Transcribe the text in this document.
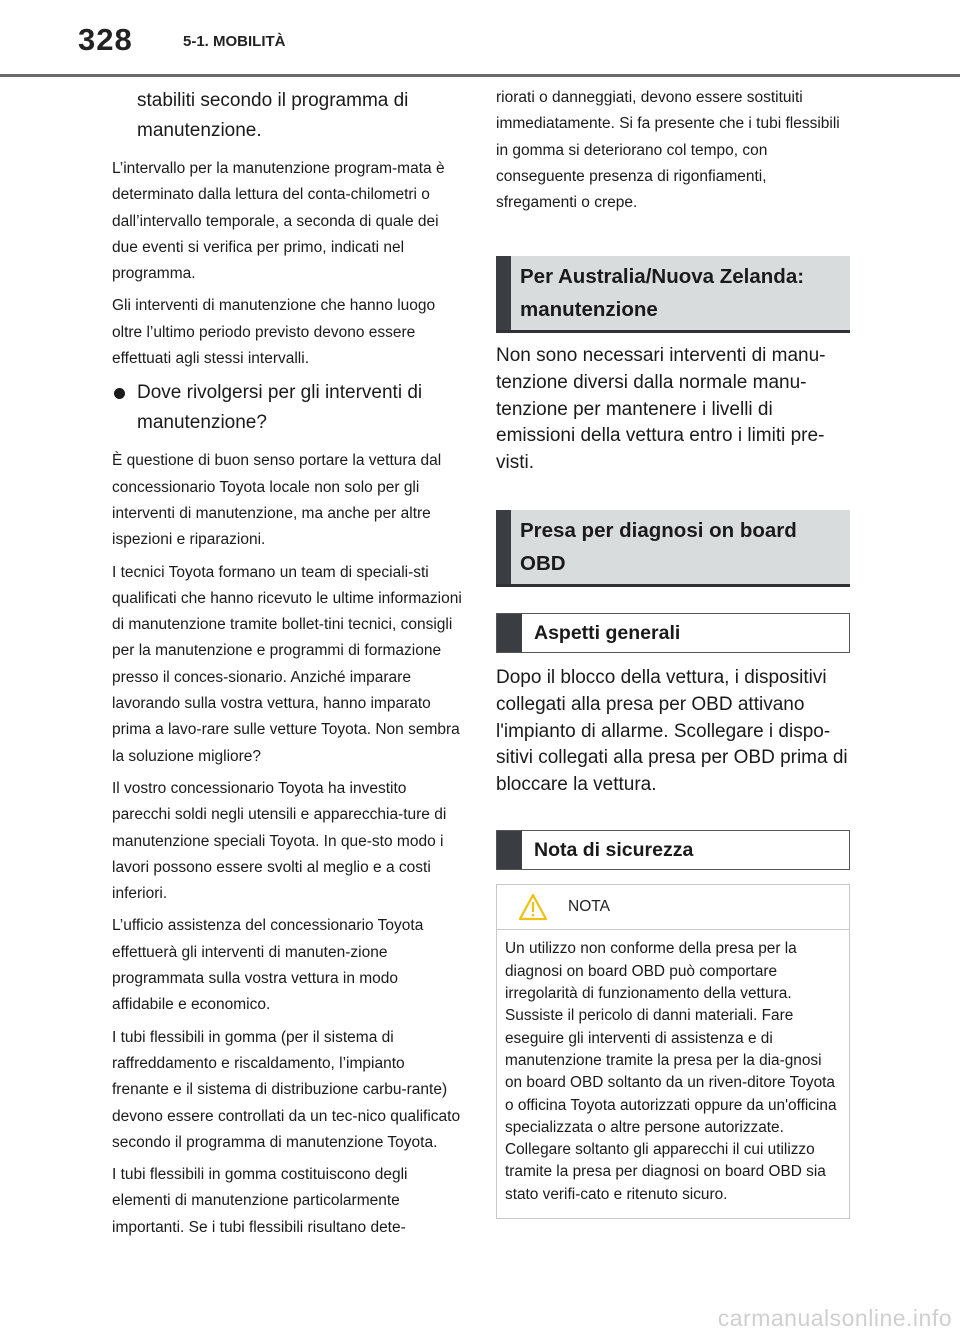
328	5-1. MOBILITÀ

stabiliti secondo il programma di manutenzione.

L’intervallo per la manutenzione program-mata è determinato dalla lettura del conta-chilometri o dall’intervallo temporale, a seconda di quale dei due eventi si verifica per primo, indicati nel programma.

Gli interventi di manutenzione che hanno luogo oltre l’ultimo periodo previsto devono essere effettuati agli stessi intervalli.

Dove rivolgersi per gli interventi di manutenzione?

È questione di buon senso portare la vettura dal concessionario Toyota locale non solo per gli interventi di manutenzione, ma anche per altre ispezioni e riparazioni.

I tecnici Toyota formano un team di speciali-sti qualificati che hanno ricevuto le ultime informazioni di manutenzione tramite bollet-tini tecnici, consigli per la manutenzione e programmi di formazione presso il conces-sionario. Anziché imparare lavorando sulla vostra vettura, hanno imparato prima a lavo-rare sulle vetture Toyota. Non sembra la soluzione migliore?

Il vostro concessionario Toyota ha investito parecchi soldi negli utensili e apparecchia-ture di manutenzione speciali Toyota. In que-sto modo i lavori possono essere svolti al meglio e a costi inferiori.

L’ufficio assistenza del concessionario Toyota effettuerà gli interventi di manuten-zione programmata sulla vostra vettura in modo affidabile e economico.

I tubi flessibili in gomma (per il sistema di raffreddamento e riscaldamento, l’impianto frenante e il sistema di distribuzione carbu-rante) devono essere controllati da un tec-nico qualificato secondo il programma di manutenzione Toyota.

I tubi flessibili in gomma costituiscono degli elementi di manutenzione particolarmente importanti. Se i tubi flessibili risultano dete-

riorati o danneggiati, devono essere sostituiti immediatamente. Si fa presente che i tubi flessibili in gomma si deteriorano col tempo, con conseguente presenza di rigonfiamenti, sfregamenti o crepe.

Per Australia/Nuova Zelanda: manutenzione

Non sono necessari interventi di manu-tenzione diversi dalla normale manu-tenzione per mantenere i livelli di emissioni della vettura entro i limiti pre-visti.

Presa per diagnosi on board OBD
Aspetti generali

Dopo il blocco della vettura, i dispositivi collegati alla presa per OBD attivano l'impianto di allarme. Scollegare i dispo-sitivi collegati alla presa per OBD prima di bloccare la vettura.

Nota di sicurezza
NOTA

Un utilizzo non conforme della presa per la diagnosi on board OBD può comportare irregolarità di funzionamento della vettura. Sussiste il pericolo di danni materiali. Fare eseguire gli interventi di assistenza e di manutenzione tramite la presa per la dia-gnosi on board OBD soltanto da un riven-ditore Toyota o officina Toyota autorizzati oppure da un'officina specializzata o altre persone autorizzate. Collegare soltanto gli apparecchi il cui utilizzo tramite la presa per diagnosi on board OBD sia stato verifi-cato e ritenuto sicuro.

carmanualsonline.info
